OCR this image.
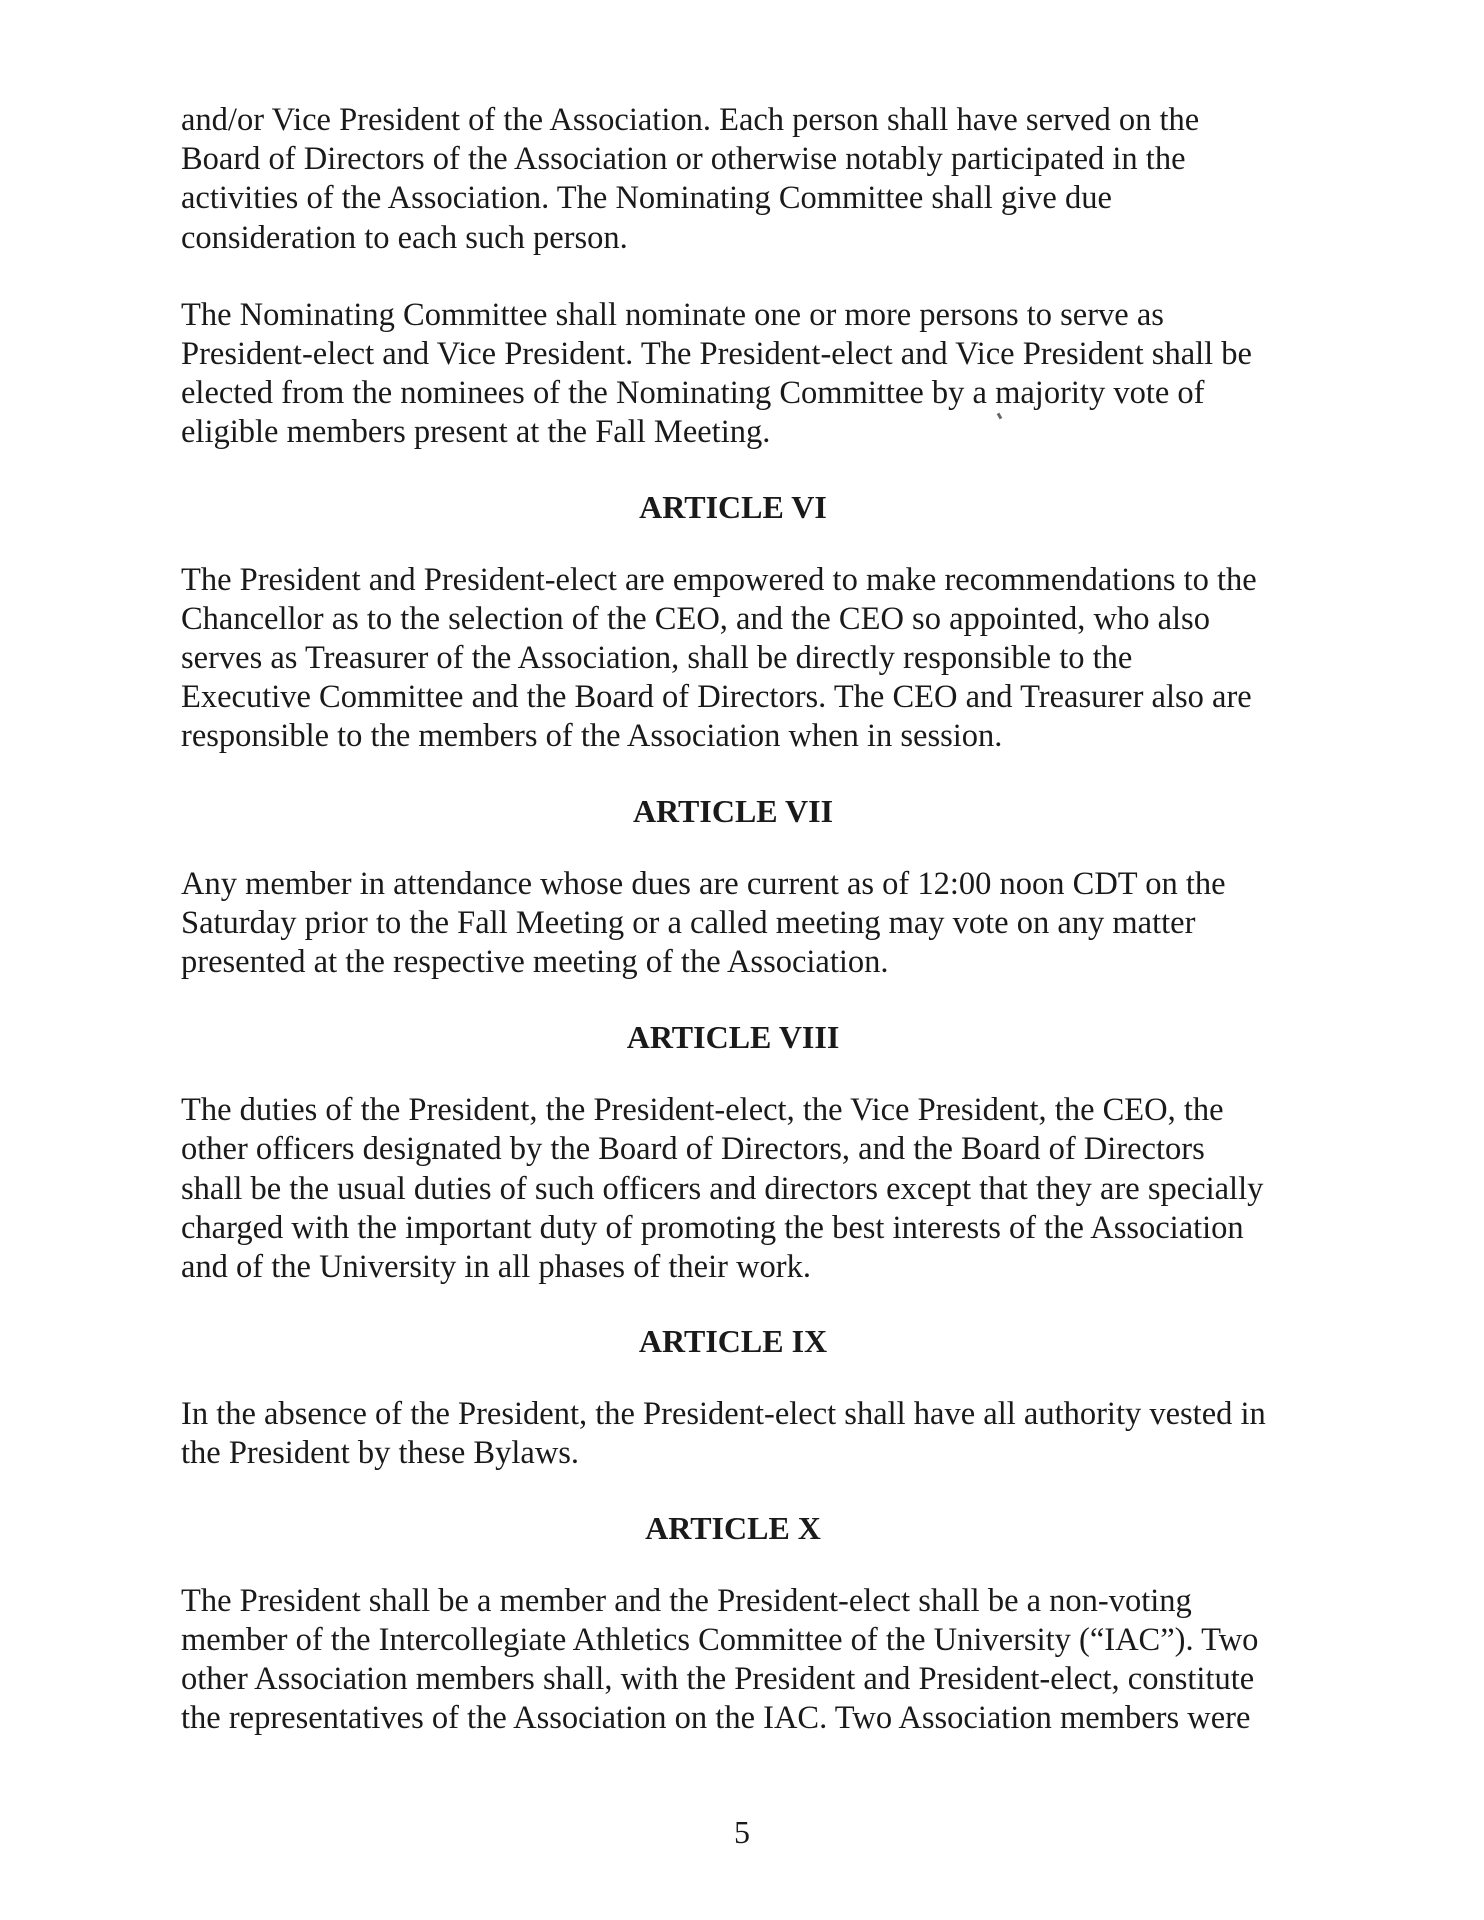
and/or Vice President of the Association. Each person shall have served on the
Board of Directors of the Association or otherwise notably participated in the
activities of the Association. The Nominating Committee shall give due
consideration to each such person.

The Nominating Committee shall nominate one or more persons to serve as
President-elect and Vice President. The President-elect and Vice President shall be
elected from the nominees of the Nominating Committee by a majority vote of
eligible members present at the Fall Meeting.

ARTICLE VI

The President and President-elect are empowered to make recommendations to the
Chancellor as to the selection of the CEO, and the CEO so appointed, who also
serves as Treasurer of the Association, shall be directly responsible to the
Executive Committee and the Board of Directors. The CEO and Treasurer also are
responsible to the members of the Association when in session.

ARTICLE VII

Any member in attendance whose dues are current as of 12:00 noon CDT on the
Saturday prior to the Fall Meeting or a called meeting may vote on any matter
presented at the respective meeting of the Association.

ARTICLE VIII

The duties of the President, the President-elect, the Vice President, the CEO, the
other officers designated by the Board of Directors, and the Board of Directors
shall be the usual duties of such officers and directors except that they are specially
charged with the important duty of promoting the best interests of the Association
and of the University in all phases of their work.

ARTICLE IX

In the absence of the President, the President-elect shall have all authority vested in
the President by these Bylaws.

ARTICLE X

The President shall be a member and the President-elect shall be a non-voting
member of the Intercollegiate Athletics Committee of the University (“IAC”). Two
other Association members shall, with the President and President-elect, constitute
the representatives of the Association on the IAC. Two Association members were

5
